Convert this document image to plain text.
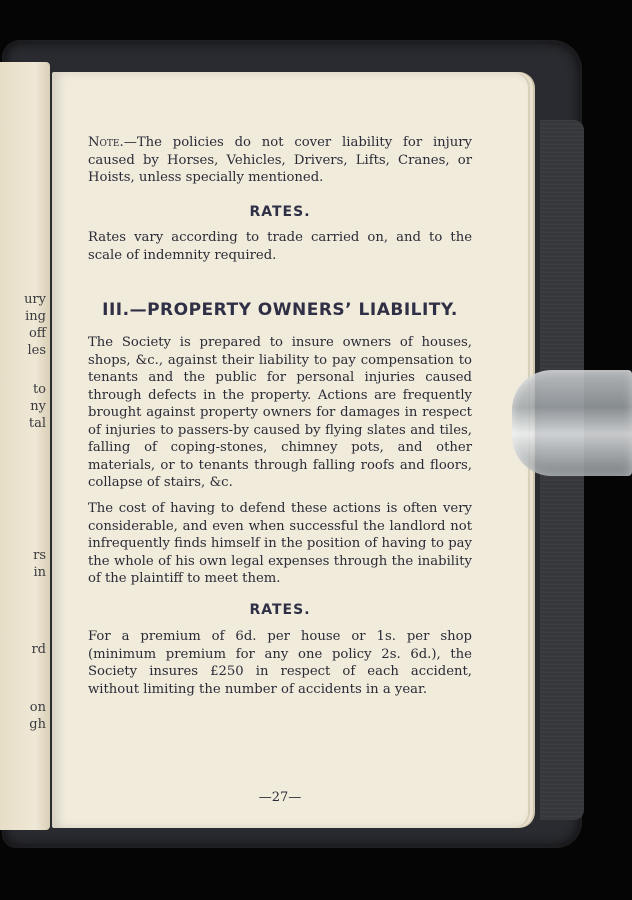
ury
ing
off
les
to
ny
tal
rs
in
rd
on
gh

Note.—The policies do not cover liability for injury caused by Horses, Vehicles, Drivers, Lifts, Cranes, or Hoists, unless specially mentioned.

RATES.

Rates vary according to trade carried on, and to the scale of indemnity required.

III.—PROPERTY OWNERS’ LIABILITY.

The Society is prepared to insure owners of houses, shops, &c., against their liability to pay compensation to tenants and the public for personal injuries caused through defects in the property. Actions are frequently brought against property owners for damages in respect of injuries to passers-by caused by flying slates and tiles, falling of coping-stones, chimney pots, and other materials, or to tenants through falling roofs and floors, collapse of stairs, &c.

The cost of having to defend these actions is often very considerable, and even when successful the landlord not infrequently finds himself in the position of having to pay the whole of his own legal expenses through the inability of the plaintiff to meet them.

RATES.

For a premium of 6d. per house or 1s. per shop (minimum premium for any one policy 2s. 6d.), the Society insures £250 in respect of each accident, without limiting the number of accidents in a year.

—27—
